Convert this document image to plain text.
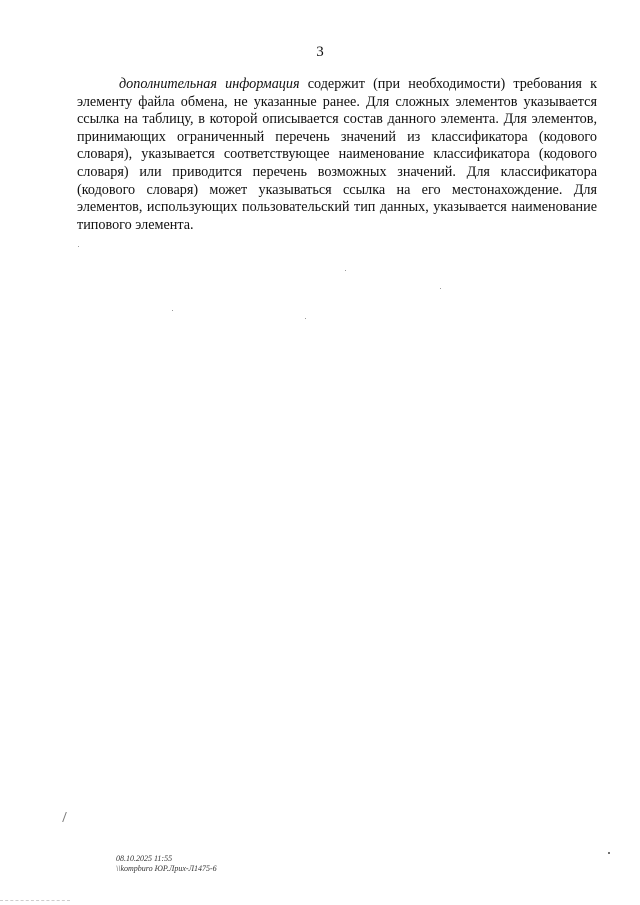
3

дополнительная информация содержит (при необходимости) требования к элементу файла обмена, не указанные ранее. Для сложных элементов указывается ссылка на таблицу, в которой описывается состав данного элемента. Для элементов, принимающих ограниченный перечень значений из классификатора (кодового словаря), указывается соответствующее наименование классификатора (кодового словаря) или приводится перечень возможных значений. Для классификатора (кодового словаря) может указываться ссылка на его местонахождение. Для элементов, использующих пользовательский тип данных, указывается наименование типового элемента.

08.10.2025 11:55
\\kompburo ЮР.Лрих-Л1475-6
